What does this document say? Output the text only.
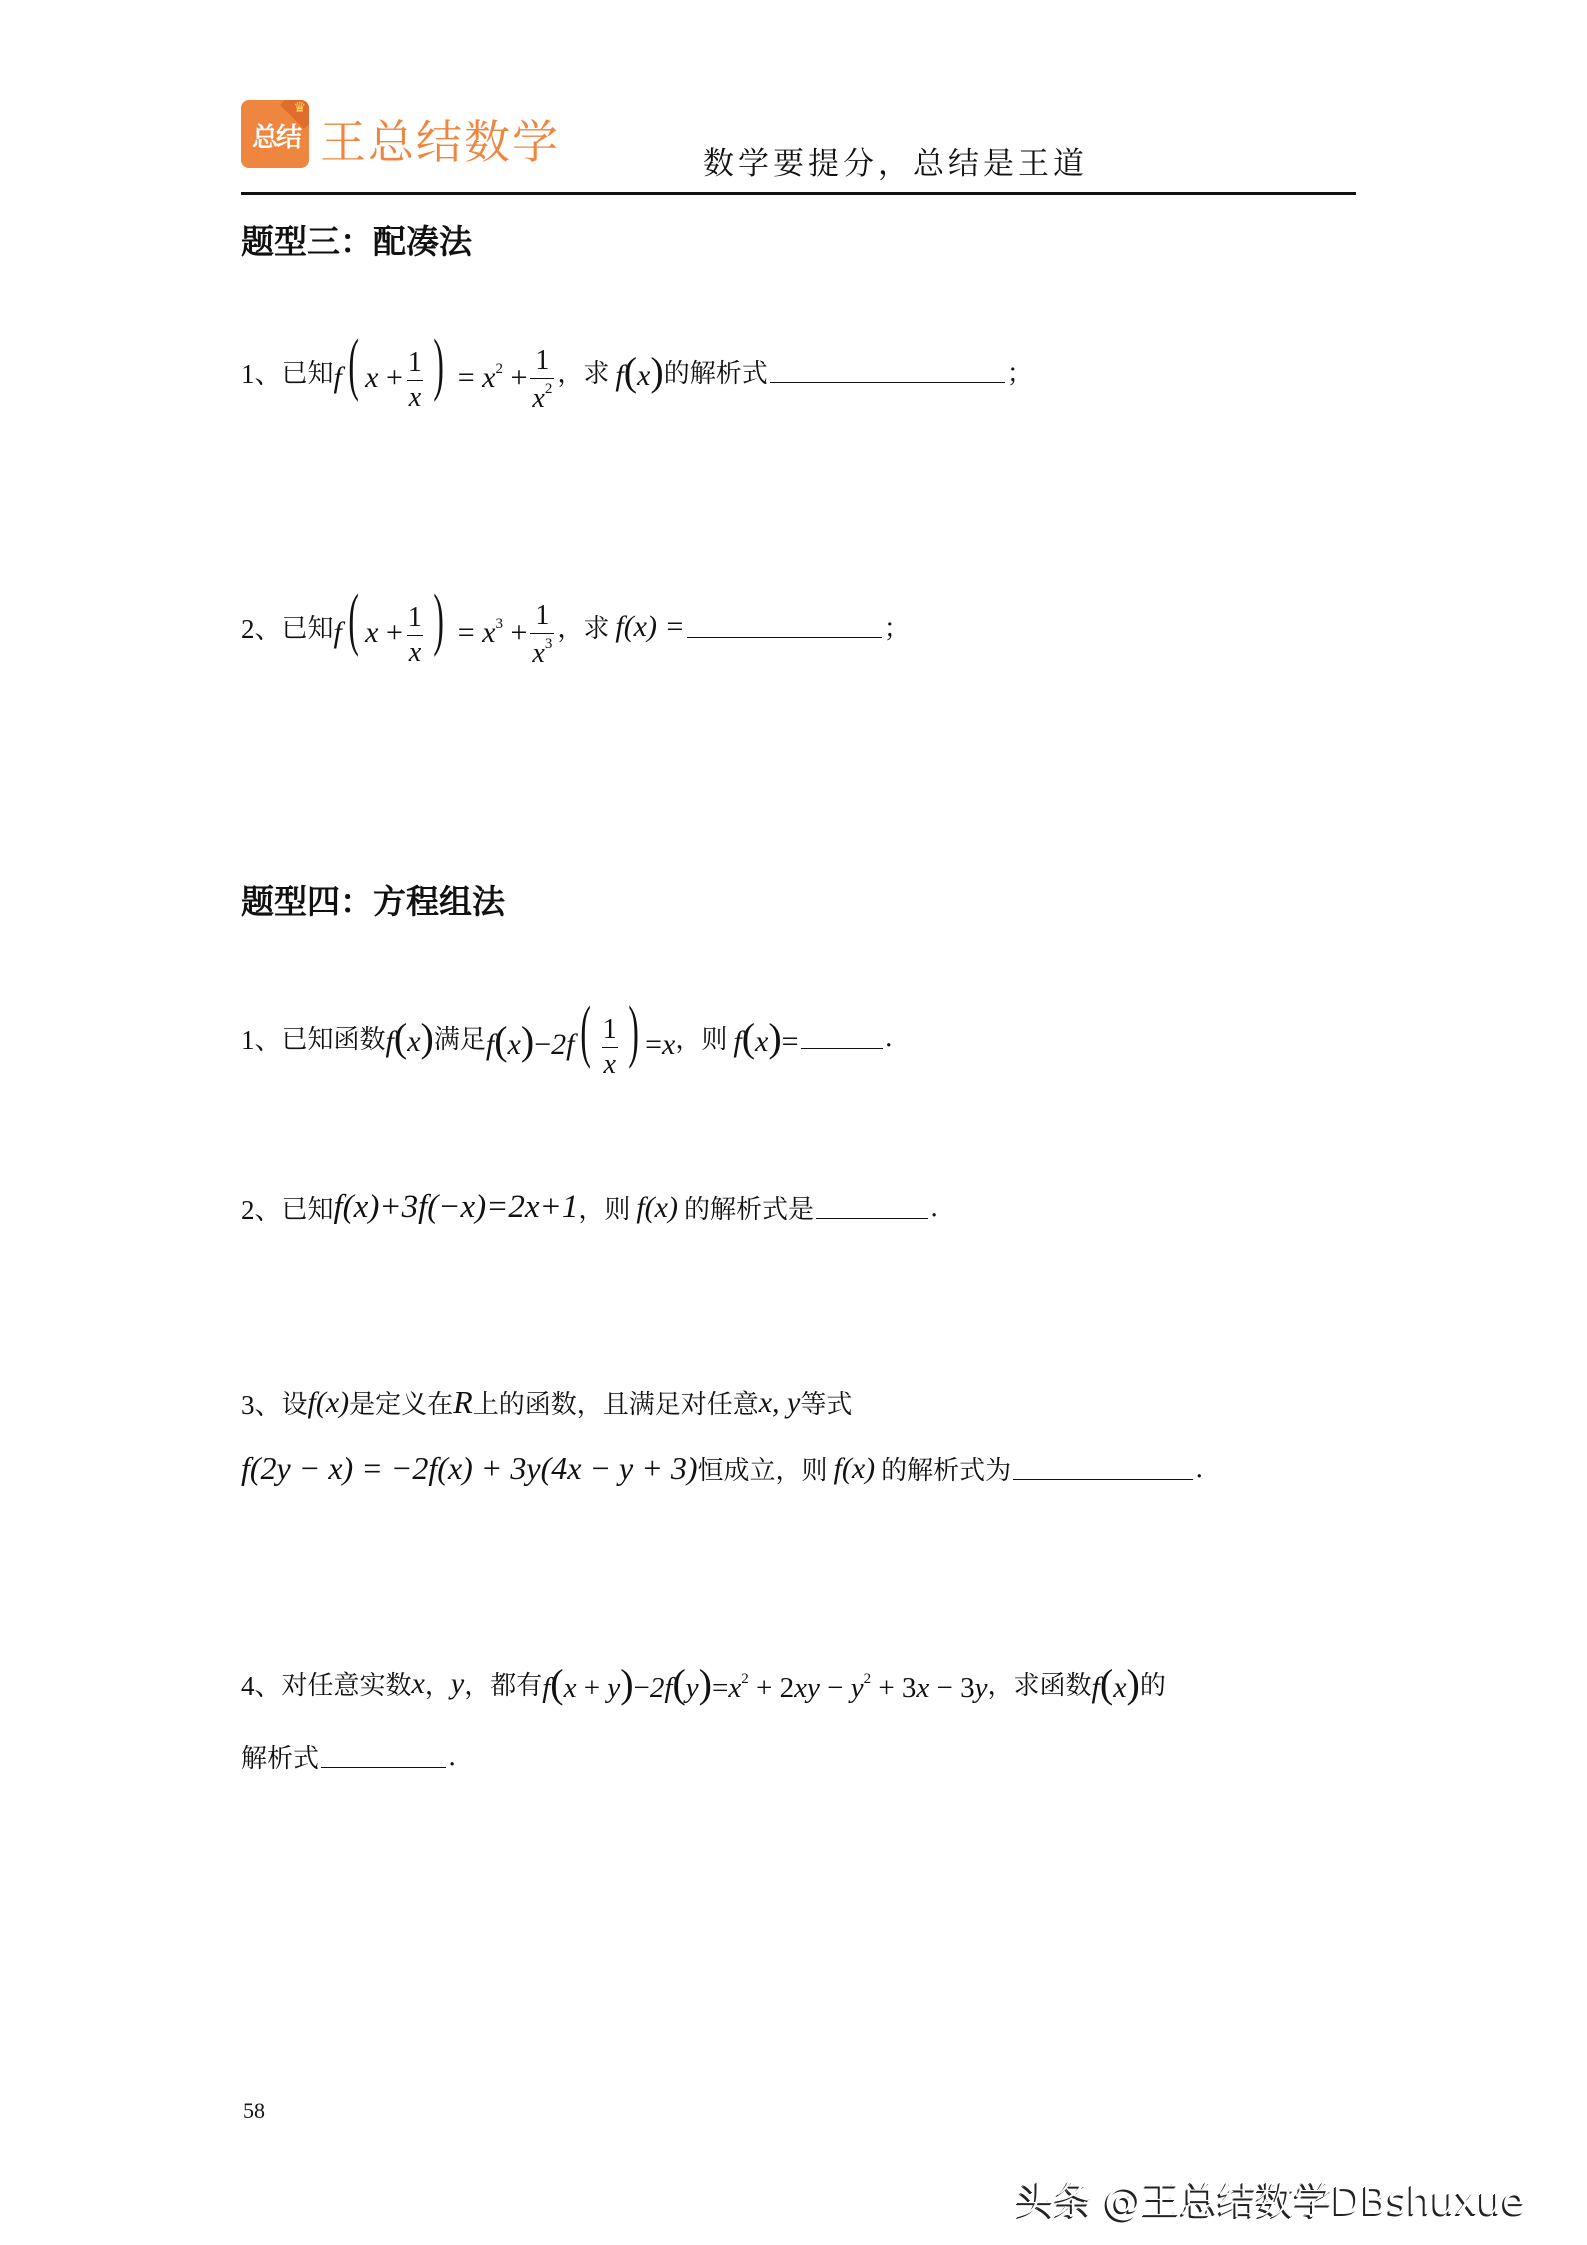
♛
总结 王总结数学	数学要提分，总结是王道
题型三：配凑法
1、 已知 f( $x + \frac{1}{x}$ ) = $x^2 + \frac{1}{x^2}$ ，求 f(x) 的解析式	；
2、 已知 f( $x + \frac{1}{x}$ ) = $x^3 + \frac{1}{x^3}$ ，求 f(x) =	；
题型四：方程组法
1、 已知函数 f(x) 满足 $f(x)-2f( \frac{1}{x}$ ) =x ，则 f(x)=	.
2、 已知 f(x)+3f(−x)=2x+1 ，则 f(x) 的解析式是	.
3、 设 f(x) 是定义在 R 上的函数，且满足对任意 x, y 等式
f(2y − x) = −2f(x) + 3y(4x − y + 3) 恒成立，则 f(x) 的解析式为	.
4、 对任意实数 x ， y ，都有 $f(x + y)-2f(y)=x^2 + 2xy - y^2 + 3x - 3y$ ，求函数 f(x) 的
解析式	.
58
头条 @王总结数学DBshuxue
